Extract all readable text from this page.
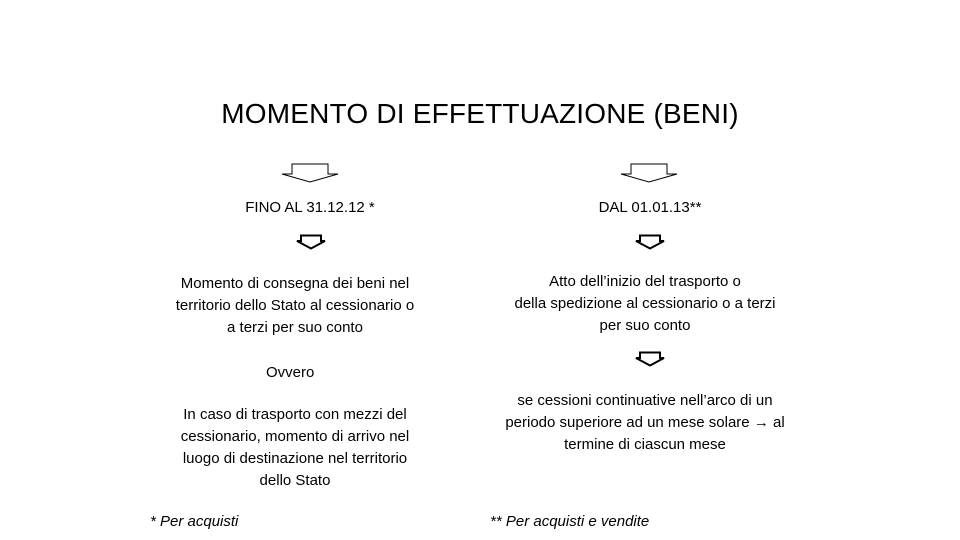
MOMENTO DI EFFETTUAZIONE (BENI)
FINO AL 31.12.12 *	DAL 01.01.13**
Momento di consegna dei beni nel
territorio dello Stato al cessionario o
a terzi per suo conto
Atto dell’inizio del trasporto o
della spedizione al cessionario o a terzi
per suo conto
Ovvero
In caso di trasporto con mezzi del
cessionario, momento di arrivo nel
luogo di destinazione nel territorio
dello Stato
se cessioni continuative nell’arco di un
periodo superiore ad un mese solare → al
termine di ciascun mese
* Per acquisti	** Per acquisti e vendite
